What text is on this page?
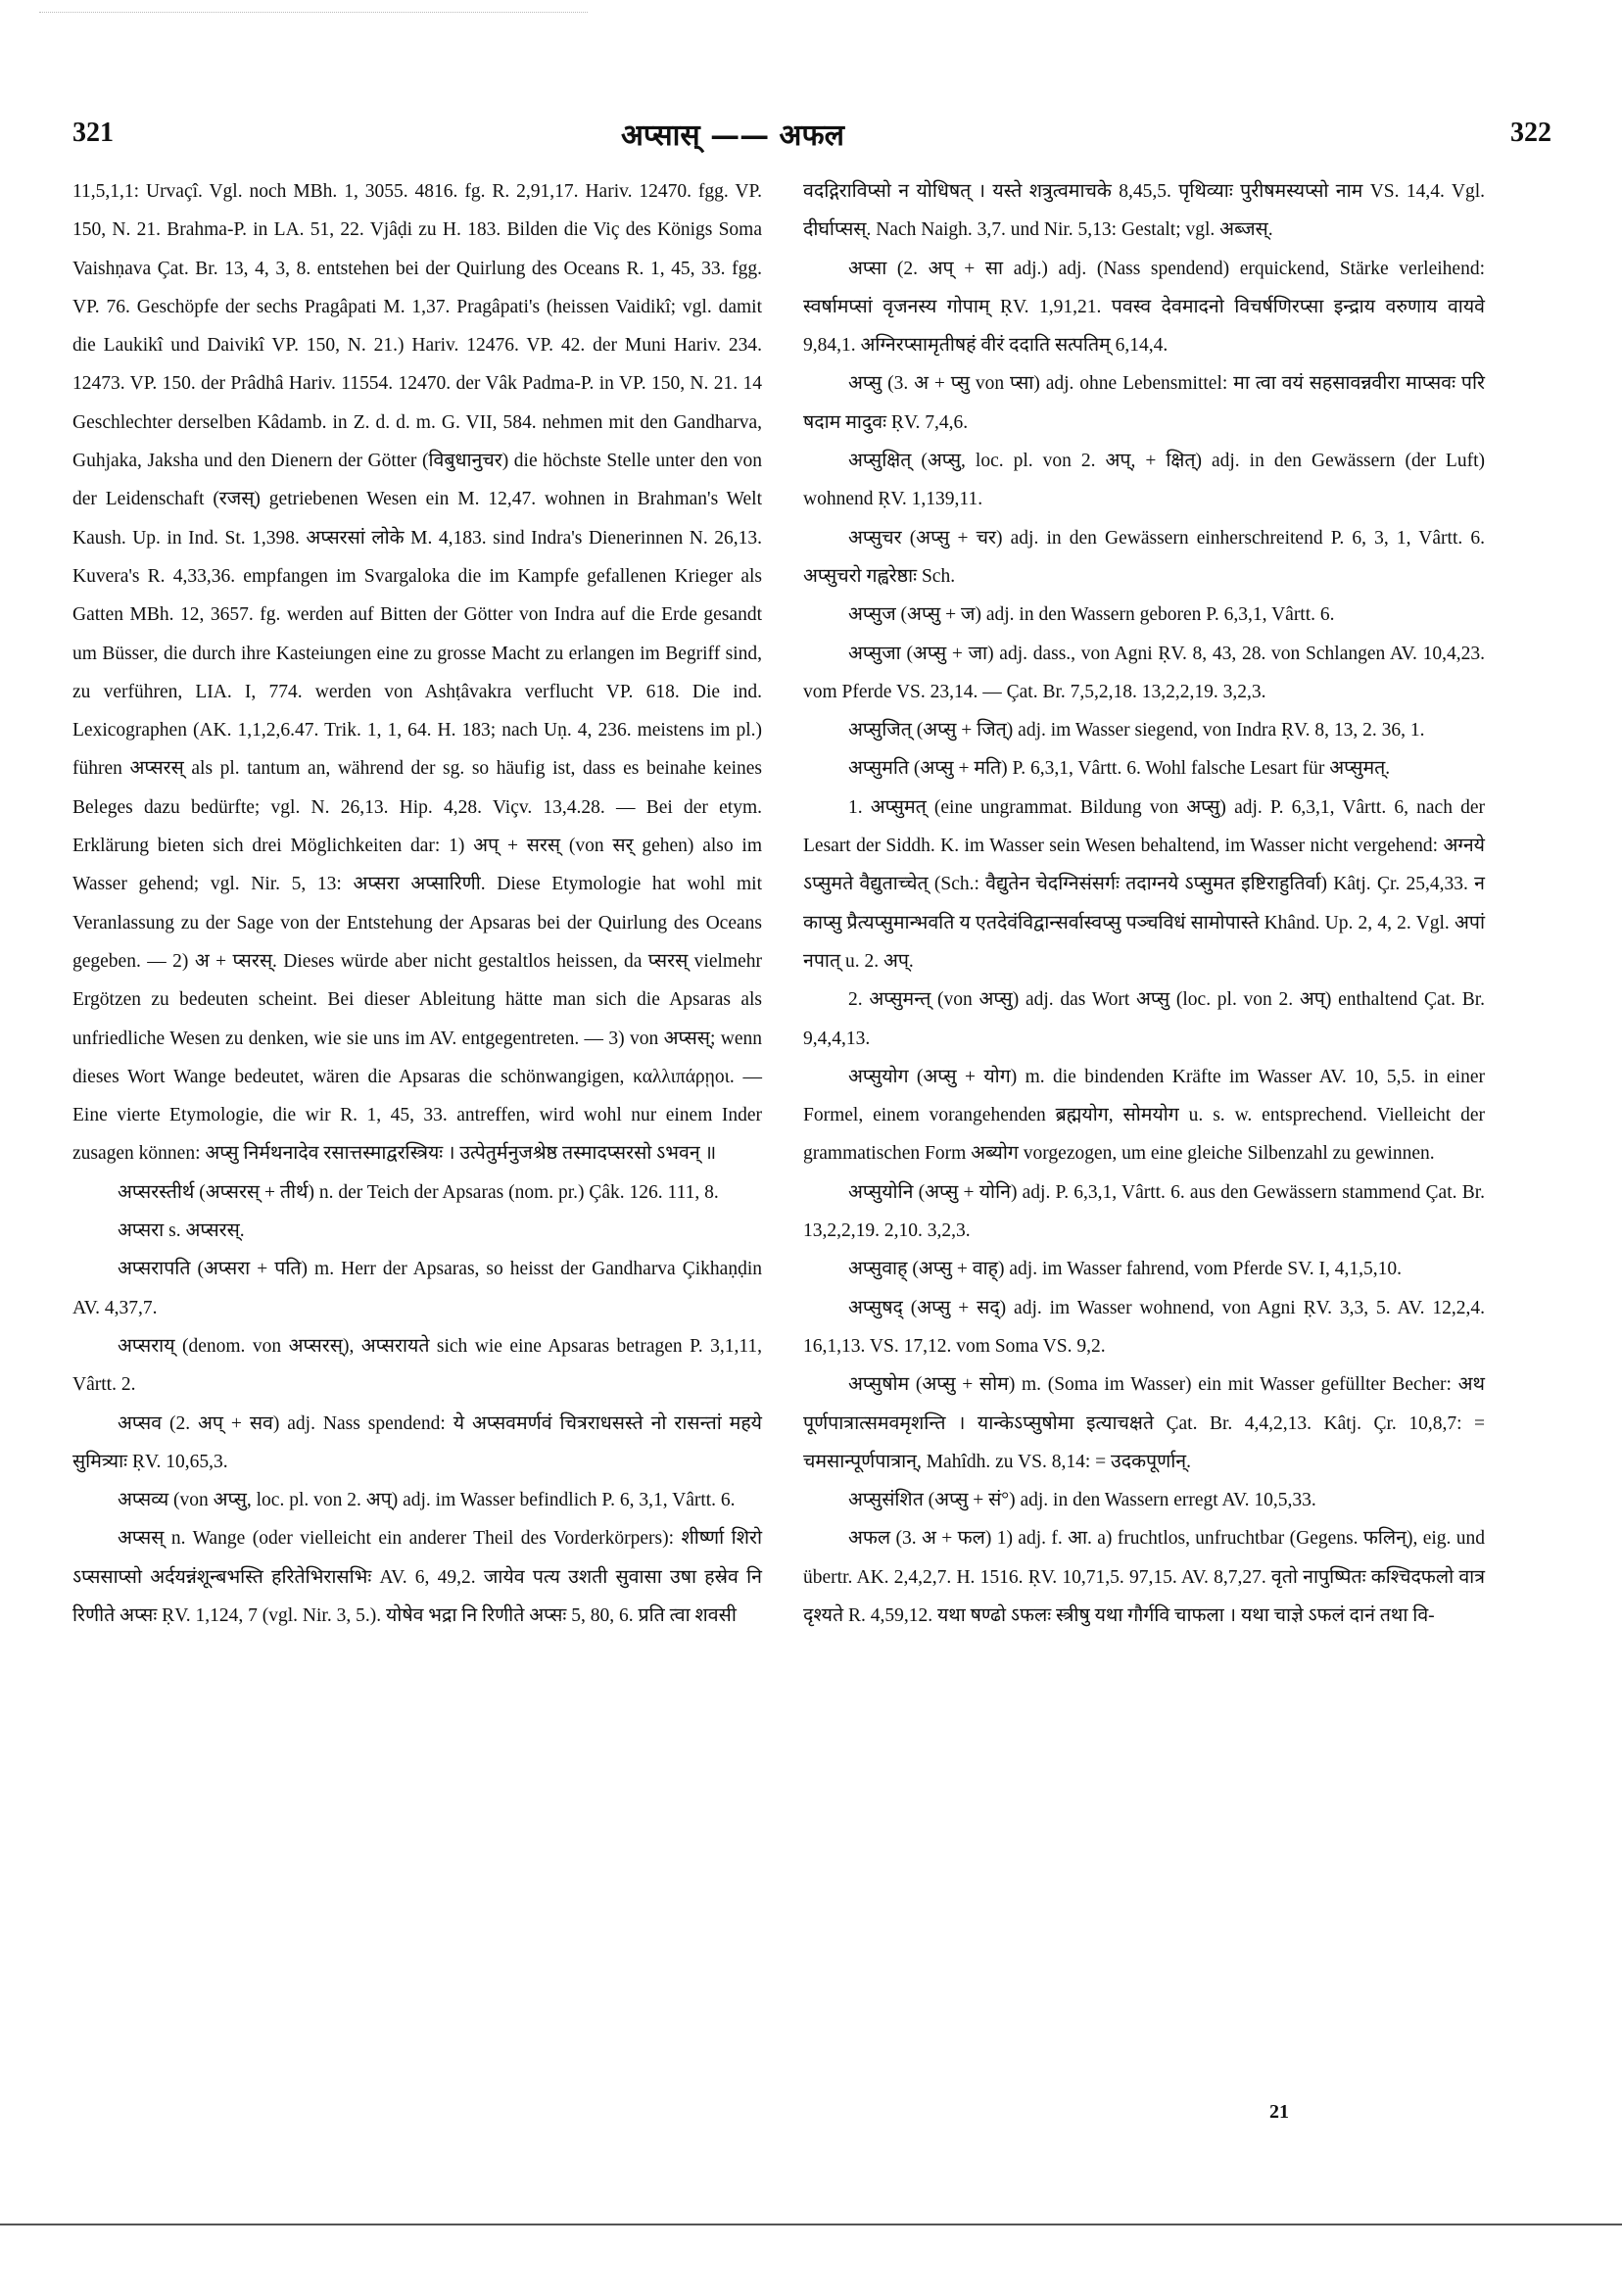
321	अप्सास् —— अफल	322

11,5,1,1: Urvaçî. Vgl. noch MBh. 1, 3055. 4816. fg. R. 2,91,17. Hariv. 12470. fgg. VP. 150, N. 21. Brahma-P. in LA. 51, 22. Vjâḍi zu H. 183. Bilden die Viç des Königs Soma Vaishṇava Çat. Br. 13, 4, 3, 8. entstehen bei der Quirlung des Oceans R. 1, 45, 33. fgg. VP. 76. Geschöpfe der sechs Pragâpati M. 1,37. Pragâpati's (heissen Vaidikî; vgl. damit die Laukikî und Daivikî VP. 150, N. 21.) Hariv. 12476. VP. 42. der Muni Hariv. 234. 12473. VP. 150. der Prâdhâ Hariv. 11554. 12470. der Vâk Padma-P. in VP. 150, N. 21. 14 Geschlechter derselben Kâdamb. in Z. d. d. m. G. VII, 584. nehmen mit den Gandharva, Guhjaka, Jaksha und den Dienern der Götter (विबुधानुचर) die höchste Stelle unter den von der Leidenschaft (रजस्) getriebenen Wesen ein M. 12,47. wohnen in Brahman's Welt Kaush. Up. in Ind. St. 1,398. अप्सरसां लोके M. 4,183. sind Indra's Dienerinnen N. 26,13. Kuvera's R. 4,33,36. empfangen im Svargaloka die im Kampfe gefallenen Krieger als Gatten MBh. 12, 3657. fg. werden auf Bitten der Götter von Indra auf die Erde gesandt um Büsser, die durch ihre Kasteiungen eine zu grosse Macht zu erlangen im Begriff sind, zu verführen, LIA. I, 774. werden von Ashṭâvakra verflucht VP. 618. Die ind. Lexicographen (AK. 1,1,2,6.47. Trik. 1, 1, 64. H. 183; nach Uṇ. 4, 236. meistens im pl.) führen अप्सरस् als pl. tantum an, während der sg. so häufig ist, dass es beinahe keines Beleges dazu bedürfte; vgl. N. 26,13. Hip. 4,28. Viçv. 13,4.28. — Bei der etym. Erklärung bieten sich drei Möglichkeiten dar: 1) अप् + सरस् (von सर् gehen) also im Wasser gehend; vgl. Nir. 5, 13: अप्सरा अप्सारिणी. Diese Etymologie hat wohl mit Veranlassung zu der Sage von der Entstehung der Apsaras bei der Quirlung des Oceans gegeben. — 2) अ + प्सरस्. Dieses würde aber nicht gestaltlos heissen, da प्सरस् vielmehr Ergötzen zu bedeuten scheint. Bei dieser Ableitung hätte man sich die Apsaras als unfriedliche Wesen zu denken, wie sie uns im AV. entgegentreten. — 3) von अप्सस्; wenn dieses Wort Wange bedeutet, wären die Apsaras die schönwangigen, καλλιπάρῃοι. — Eine vierte Etymologie, die wir R. 1, 45, 33. antreffen, wird wohl nur einem Inder zusagen können: अप्सु निर्मथनादेव रसात्तस्माद्वरस्त्रियः । उत्पेतुर्मनुजश्रेष्ठ तस्मादप्सरसो ऽभवन् ॥

अप्सरस्तीर्थ (अप्सरस् + तीर्थ) n. der Teich der Apsaras (nom. pr.) Çâk. 126. 111, 8.

अप्सरा s. अप्सरस्.

अप्सरापति (अप्सरा + पति) m. Herr der Apsaras, so heisst der Gandharva Çikhaṇḍin AV. 4,37,7.

अप्सराय् (denom. von अप्सरस्), अप्सरायते sich wie eine Apsaras betragen P. 3,1,11, Vârtt. 2.

अप्सव (2. अप् + सव) adj. Nass spendend: ये अप्सवमर्णवं चित्रराधसस्ते नो रासन्तां महये सुमित्र्याः ṚV. 10,65,3.

अप्सव्य (von अप्सु, loc. pl. von 2. अप्) adj. im Wasser befindlich P. 6, 3,1, Vârtt. 6.

अप्सस् n. Wange (oder vielleicht ein anderer Theil des Vorderkörpers): शीर्ष्णा शिरो ऽप्ससाप्सो अर्दयन्नंशून्बभस्ति हरितेभिरासभिः AV. 6, 49,2. जायेव पत्य उशती सुवासा उषा हस्रेव नि रिणीते अप्सः ṚV. 1,124, 7 (vgl. Nir. 3, 5.). योषेव भद्रा नि रिणीते अप्सः 5, 80, 6. प्रति त्वा शवसी

वदद्गिराविप्सो न योधिषत् । यस्ते शत्रुत्वमाचके 8,45,5. पृथिव्याः पुरीषमस्यप्सो नाम VS. 14,4. Vgl. दीर्घाप्सस्. Nach Naigh. 3,7. und Nir. 5,13: Gestalt; vgl. अब्जस्.

अप्सा (2. अप् + सा adj.) adj. (Nass spendend) erquickend, Stärke verleihend: स्वर्षामप्सां वृजनस्य गोपाम् ṚV. 1,91,21. पवस्व देवमादनो विचर्षणिरप्सा इन्द्राय वरुणाय वायवे 9,84,1. अग्निरप्सामृतीषहं वीरं ददाति सत्पतिम् 6,14,4.

अप्सु (3. अ + प्सु von प्सा) adj. ohne Lebensmittel: मा त्वा वयं सहसावन्नवीरा माप्सवः परि षदाम मादुवः ṚV. 7,4,6.

अप्सुक्षित् (अप्सु, loc. pl. von 2. अप्, + क्षित्) adj. in den Gewässern (der Luft) wohnend ṚV. 1,139,11.

अप्सुचर (अप्सु + चर) adj. in den Gewässern einherschreitend P. 6, 3, 1, Vârtt. 6. अप्सुचरो गह्वरेष्ठाः Sch.

अप्सुज (अप्सु + ज) adj. in den Wassern geboren P. 6,3,1, Vârtt. 6.

अप्सुजा (अप्सु + जा) adj. dass., von Agni ṚV. 8, 43, 28. von Schlangen AV. 10,4,23. vom Pferde VS. 23,14. — Çat. Br. 7,5,2,18. 13,2,2,19. 3,2,3.

अप्सुजित् (अप्सु + जित्) adj. im Wasser siegend, von Indra ṚV. 8, 13, 2. 36, 1.

अप्सुमति (अप्सु + मति) P. 6,3,1, Vârtt. 6. Wohl falsche Lesart für अप्सुमत्.

1. अप्सुमत् (eine ungrammat. Bildung von अप्सु) adj. P. 6,3,1, Vârtt. 6, nach der Lesart der Siddh. K. im Wasser sein Wesen behaltend, im Wasser nicht vergehend: अग्नये ऽप्सुमते वैद्युताच्चेत् (Sch.: वैद्युतेन चेदग्निसंसर्गः तदाग्नये ऽप्सुमत इष्टिराहुतिर्वा) Kâtj. Çr. 25,4,33. न काप्सु प्रैत्यप्सुमान्भवति य एतदेवंविद्वान्सर्वास्वप्सु पञ्चविधं सामोपास्ते Khând. Up. 2, 4, 2. Vgl. अपां नपात् u. 2. अप्.

2. अप्सुमन्त् (von अप्सु) adj. das Wort अप्सु (loc. pl. von 2. अप्) enthaltend Çat. Br. 9,4,4,13.

अप्सुयोग (अप्सु + योग) m. die bindenden Kräfte im Wasser AV. 10, 5,5. in einer Formel, einem vorangehenden ब्रह्मयोग, सोमयोग u. s. w. entsprechend. Vielleicht der grammatischen Form अब्योग vorgezogen, um eine gleiche Silbenzahl zu gewinnen.

अप्सुयोनि (अप्सु + योनि) adj. P. 6,3,1, Vârtt. 6. aus den Gewässern stammend Çat. Br. 13,2,2,19. 2,10. 3,2,3.

अप्सुवाह् (अप्सु + वाह्) adj. im Wasser fahrend, vom Pferde SV. I, 4,1,5,10.

अप्सुषद् (अप्सु + सद्) adj. im Wasser wohnend, von Agni ṚV. 3,3, 5. AV. 12,2,4. 16,1,13. VS. 17,12. vom Soma VS. 9,2.

अप्सुषोम (अप्सु + सोम) m. (Soma im Wasser) ein mit Wasser gefüllter Becher: अथ पूर्णपात्रात्समवमृशन्ति । यान्केऽप्सुषोमा इत्याचक्षते Çat. Br. 4,4,2,13. Kâtj. Çr. 10,8,7: = चमसान्पूर्णपात्रान्, Mahîdh. zu VS. 8,14: = उदकपूर्णान्.

अप्सुसंशित (अप्सु + सं°) adj. in den Wassern erregt AV. 10,5,33.

अफल (3. अ + फल) 1) adj. f. आ. a) fruchtlos, unfruchtbar (Gegens. फलिन्), eig. und übertr. AK. 2,4,2,7. H. 1516. ṚV. 10,71,5. 97,15. AV. 8,7,27. वृतो नापुष्पितः कश्चिदफलो वात्र दृश्यते R. 4,59,12. यथा षण्ढो ऽफलः स्त्रीषु यथा गौर्गवि चाफला । यथा चाज्ञे ऽफलं दानं तथा वि-

21
